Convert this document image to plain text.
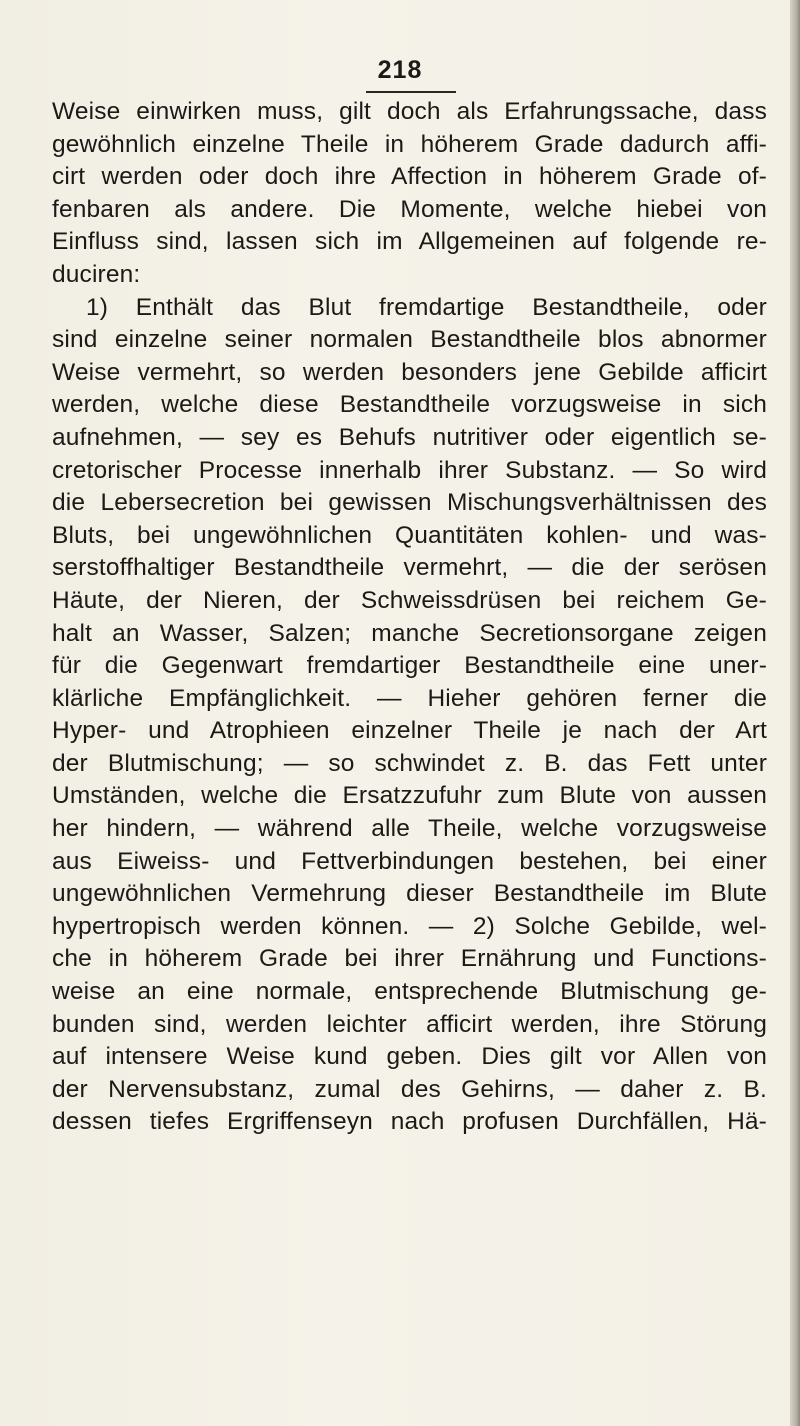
218
Weise einwirken muss, gilt doch als Erfahrungssache, dass
gewöhnlich einzelne Theile in höherem Grade dadurch affi-
cirt werden oder doch ihre Affection in höherem Grade of-
fenbaren als andere. Die Momente, welche hiebei von
Einfluss sind, lassen sich im Allgemeinen auf folgende re-
duciren:
1) Enthält das Blut fremdartige Bestandtheile, oder
sind einzelne seiner normalen Bestandtheile blos abnormer
Weise vermehrt, so werden besonders jene Gebilde afficirt
werden, welche diese Bestandtheile vorzugsweise in sich
aufnehmen, — sey es Behufs nutritiver oder eigentlich se-
cretorischer Processe innerhalb ihrer Substanz. — So wird
die Lebersecretion bei gewissen Mischungsverhältnissen des
Bluts, bei ungewöhnlichen Quantitäten kohlen- und was-
serstoffhaltiger Bestandtheile vermehrt, — die der serösen
Häute, der Nieren, der Schweissdrüsen bei reichem Ge-
halt an Wasser, Salzen; manche Secretionsorgane zeigen
für die Gegenwart fremdartiger Bestandtheile eine uner-
klärliche Empfänglichkeit. — Hieher gehören ferner die
Hyper- und Atrophieen einzelner Theile je nach der Art
der Blutmischung; — so schwindet z. B. das Fett unter
Umständen, welche die Ersatzzufuhr zum Blute von aussen
her hindern, — während alle Theile, welche vorzugsweise
aus Eiweiss- und Fettverbindungen bestehen, bei einer
ungewöhnlichen Vermehrung dieser Bestandtheile im Blute
hypertropisch werden können. — 2) Solche Gebilde, wel-
che in höherem Grade bei ihrer Ernährung und Functions-
weise an eine normale, entsprechende Blutmischung ge-
bunden sind, werden leichter afficirt werden, ihre Störung
auf intensere Weise kund geben. Dies gilt vor Allen von
der Nervensubstanz, zumal des Gehirns, — daher z. B.
dessen tiefes Ergriffenseyn nach profusen Durchfällen, Hä-
